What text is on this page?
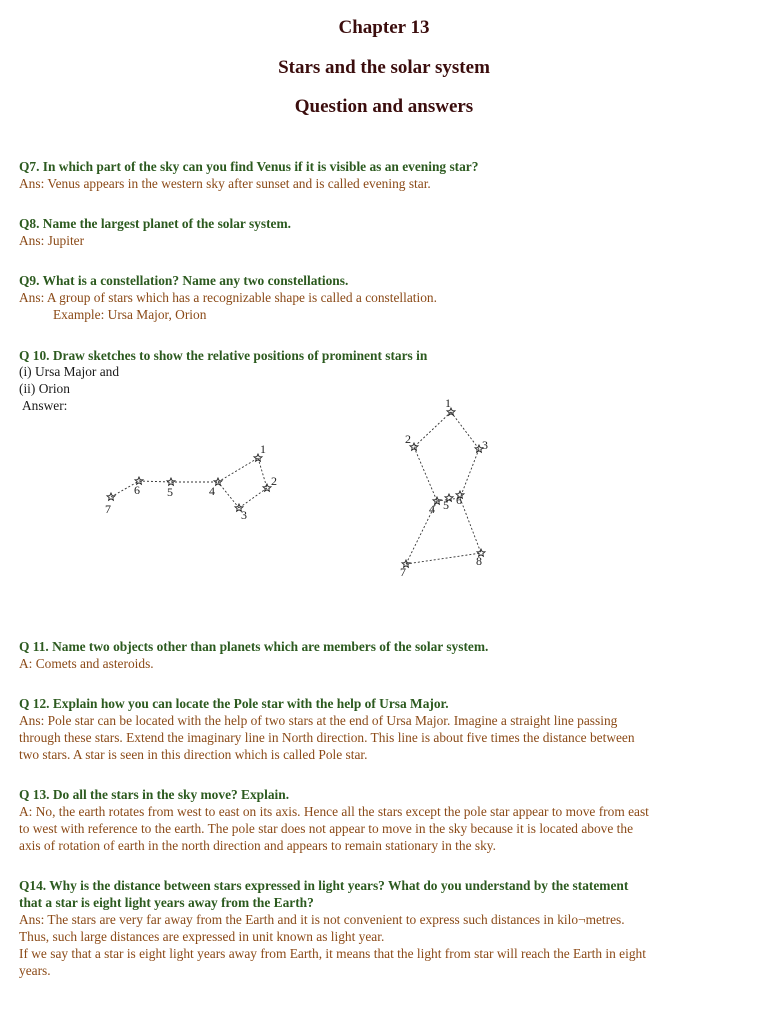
Chapter 13
Stars and the solar system
Question and answers
Q7. In which part of the sky can you find Venus if it is visible as an evening star?
Ans: Venus appears in the western sky after sunset and is called evening star.
Q8. Name the largest planet of the solar system.
Ans: Jupiter
Q9. What is a constellation? Name any two constellations.
Ans: A group of stars which has a recognizable shape is called a constellation.
Example: Ursa Major, Orion
Q 10. Draw sketches to show the relative positions of prominent stars in
(i) Ursa Major and
(ii) Orion
Answer:
7
6 5	4
1
2
3
1
2	3
4 5 6
7
8
Q 11. Name two objects other than planets which are members of the solar system.
A: Comets and asteroids.
Q 12. Explain how you can locate the Pole star with the help of Ursa Major.
Ans: Pole star can be located with the help of two stars at the end of Ursa Major. Imagine a straight line passing
through these stars. Extend the imaginary line in North direction. This line is about five times the distance between
two stars. A star is seen in this direction which is called Pole star.
Q 13. Do all the stars in the sky move? Explain.
A: No, the earth rotates from west to east on its axis. Hence all the stars except the pole star appear to move from east
to west with reference to the earth. The pole star does not appear to move in the sky because it is located above the
axis of rotation of earth in the north direction and appears to remain stationary in the sky.
Q14. Why is the distance between stars expressed in light years? What do you understand by the statement
that a star is eight light years away from the Earth?
Ans: The stars are very far away from the Earth and it is not convenient to express such distances in kilo¬metres.
Thus, such large distances are expressed in unit known as light year.
If we say that a star is eight light years away from Earth, it means that the light from star will reach the Earth in eight
years.
